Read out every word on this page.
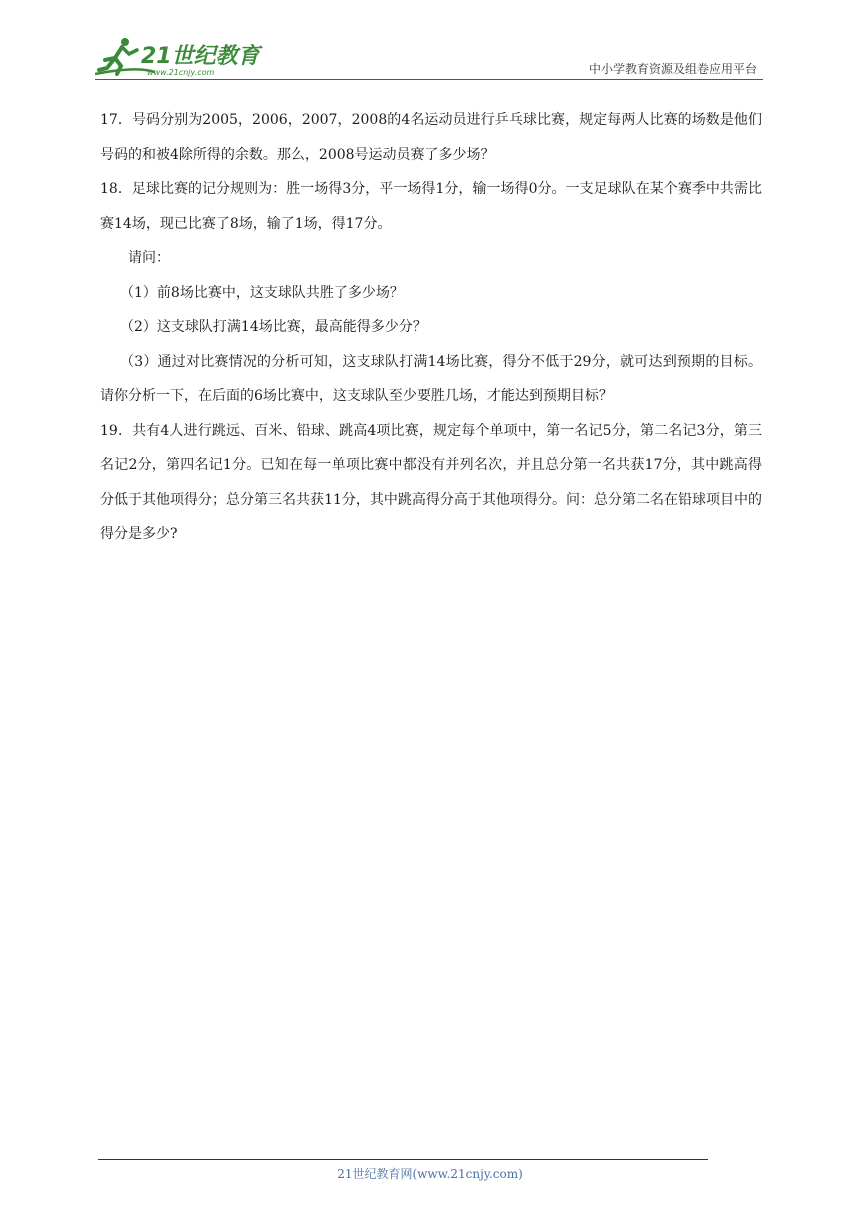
21世纪教育
www.21cnjy.com	中小学教育资源及组卷应用平台

17．号码分别为2005，2006，2007，2008的4名运动员进行乒乓球比赛，规定每两人比赛的场数是他们号码的和被4除所得的余数。那么，2008号运动员赛了多少场？

18．足球比赛的记分规则为：胜一场得3分，平一场得1分，输一场得0分。一支足球队在某个赛季中共需比赛14场，现已比赛了8场，输了1场，得17分。

请问：

（1）前8场比赛中，这支球队共胜了多少场？

（2）这支球队打满14场比赛，最高能得多少分？

（3）通过对比赛情况的分析可知，这支球队打满14场比赛，得分不低于29分，就可达到预期的目标。请你分析一下，在后面的6场比赛中，这支球队至少要胜几场，才能达到预期目标？

19．共有4人进行跳远、百米、铅球、跳高4项比赛，规定每个单项中，第一名记5分，第二名记3分，第三名记2分，第四名记1分。已知在每一单项比赛中都没有并列名次，并且总分第一名共获17分，其中跳高得分低于其他项得分；总分第三名共获11分，其中跳高得分高于其他项得分。问：总分第二名在铅球项目中的得分是多少?

21世纪教育网(www.21cnjy.com)
